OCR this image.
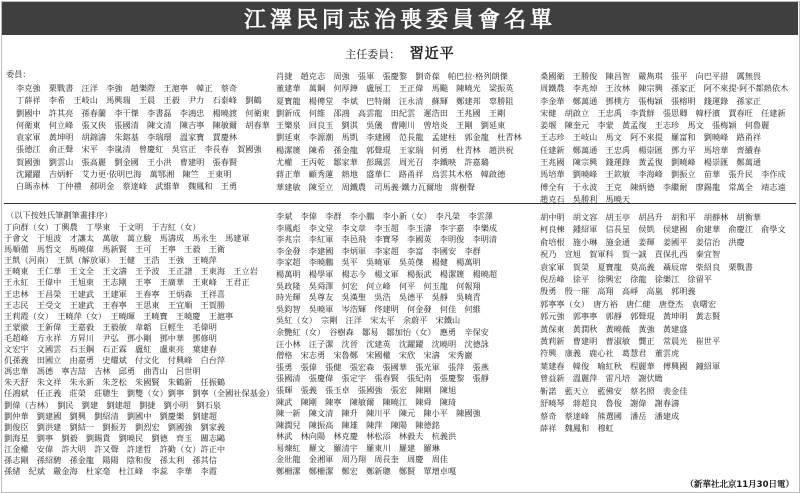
江澤民同志治喪委員會名單
主任委員： 習近平
委員：
李克強　栗戰書　汪洋　李強　趙樂際　王滬寧　韓正　蔡奇
丁薛祥　李希　王岐山　馬興瑞　王晨　王毅　尹力　石泰峰　劉鶴
劉國中　許其亮　孫春蘭　李干傑　李書磊　李鴻忠　楊曉渡　何衛東
何衛東　何立峰　張又俠　張國清　陳文清　陳吉寧　陳敏爾　胡春華
袁家軍　黃坤明　胡錦濤　朱鎔基　李瑞環　溫家寶　賈慶林
張德江　俞正聲　宋平　李嵐清　曾慶紅　吳官正　李長春　賀國強
賀國強　劉雲山　張高麗　劉金國　王小洪　曹建明　張春賢
沈躍躍　吉炳軒　艾力更·依明巴海　萬鄂湘　陳竺　王東明
白瑪赤林　丁仲禮　郝明金　蔡達峰　武維華　魏鳳和　王勇
肖捷　趙克志　周強　張軍　張慶黎　劉奇葆　帕巴拉·格列朗傑
董建華　萬鋼　何厚鏵　盧展工　王正偉　馬飈　陳曉光　梁振英
夏寶龍　楊傳堂　李斌　巴特爾　汪永清　蘇輝　鄭建邦　辜勝阻
劉新成　何維　邵鴻　高雲龍　田紀雲　遲浩田　王兆國　王剛
王樂泉　回良玉　劉淇　吳儀　曹剛川　曾培炎　王剛　劉延東
劉延東　李源潮　馬凱　李建國　范長龍　孟建柱　郭金龍　杜青林
楊潔篪　陳希　孫金龍　郭聲琨　王家瑞　何勇　杜青林　趙洪祝
尤權　王丙乾　鄒家華　彭珮雲　周光召　李鐵映　許嘉璐
蔣正華　顧秀蓮　熱地　盛華仁　路甬祥　烏雲其木格　韓啟德
華建敏　陳至立　周鐵農　司馬義·鐵力瓦爾地　蔣樹聲
桑國衛　王勝俊　陳昌智　嚴雋琪　張平　向巴平措　厲無畏
周鐵農　李兆焯　王汝林　陳宗興　孫家正　阿不來提·阿不都熱依木
李金華　鄭萬通　鄧樸方　張梅穎　張榕明　錢運錄　孫家正
宋健　胡啟立　王忠禹　李貴鮮　張思卿　韓杼濱　賈春旺　任建新
姜堰　陳奎元　李蒙　黃孟復　王志珍　馬文　張梅穎　何魯麗
王志珍　王岐山　馬文　阿不來提　羅富和　劉曉峰　路甬祥
任建新　鄭萬通　王忠禹　楊崇匯　鄧力平　馬培華　齊續春
王兆國　陳宗興　錢運錄　黃孟復　劉曉峰　楊崇匯　鄭萬通
馬培華　劉曉峰　王欽敏　李海峰　劉振立　苗華　張升民　李作成
傅全有　于永波　王克　陳炳德　李繼耐　廖錫龍　常萬全　靖志遠
趙克石　吳勝利　馬曉天
（以下按姓氏筆劃筆畫排序）
丁向群（女）丁興農　丁學東　于文明　于吉紅（女）
于會文　于旭波　才讓太　萬敏　萬立駿　馬濤成　馬永生　馬建軍
馬順備　馬哲文　馬曉偉　馬新賢　王可　王寧　王毅　王衛
王凱（河南）　王凱（解放軍）　王健　王浩　王強　王曉萍
王曉東　王仁華　王文全　王文濤　王予波　王正譜　王東海　王立岩
王永紅　王偉中　王旭東　王志剛　王寧　王廣華　王東峰　王君正
王忠林　王昌榮　王建武　王建軍　王春寧　王炳森　王祥喜
王志民　王受文　王建武　王春寧　王思東　王宜順　王賀勝
王莉霞（女）　王曉萍（女）　王曉暉　王曉寶　王曉慶　王滬寧
王蒙徽　王新偉　王嘉毅　王毅敏　韋韜　巨輕生　毛偉明
毛超峰　方永祥　方昇川　尹弘　鄧小剛　鄧中華　鄧修明
文宏宇　文國雲　石玉鋼　石正霖　盧紅　盧東亮　葉建春
仉孫義　田國立　由嘉勇　史耀斌　付文化　付興峰　白台萍
馮忠華　馮德　寧吉喆　吉林　邱勇　曲青山　呂世明
朱天舒　朱文祥　朱永新　朱芝松　朱國賢　朱鶴新　任振鶴
任鴻斌　任正義　莊榮　莊聰生　劉雙（女）劉寧　劉寧（全國社保基金）
劉偉（吉林）　劉民　劉建　劉建超　劉捷　劉小明　劉石泉
劉仲華　劉建國　劉興　劉紹清　劉國中　劉慶樂　劉建超
劉俊臣　劉洪建　劉結一　劉振芳　劉烈宏　劉國強　劉家義
劉海星　劉寧　劉毅　劉賜貴　劉曉民　劉德　齊玉　關志鷗
江金權　安偉　許大明　許又聲　許達哲　許勤（女）許正中
孫志剛　孫紹騁　孫金龍　陽陽　陰和俊　孫太利　孫其信
孫緒　紀斌　嚴金海　杜家毫　杜江峰　李蕊　李華　李霞
李斌　李偉　李群　李小鵬　李小新（女）　李凡榮　李雲澤
李鳳彪　李文堂　李文章　李玉超　李玉濤　李宇嘉　李樂成
李兆宗　李紅軍　李邑飛　李寶琴　李國英　李明俊　李明清
李金發　李建國　李炳軍　李家超　李富　李國安　李群
李家超　李曉鵬　吳平　吳曉軍　吳英傑　楊健　楊萬明
楊萬明　楊學軍　楊志今　楊文軍　楊振武　楊潔篪　楊曉超
吳政隆　吳舜澤　何宏　何立峰　何平　何玉龍　何報翔
時光輝　吳尊友　吳漢聖　吳浩　吳德平　吳靜　吳曉青
吳鈞智　吳曉軍　岑浩輝　佟建明　何金發　何佳　何維
吳紅（女）　宗剛　汪洋　宋太平　余蔚平　宋鐵山
余艷紅（女）　谷樹森　鄒易　鄒加怡（女）　應勇　辛保安
汪小林　汪子潔　沈晉　沈建英　沈躍躍　沈曉明　沈德詠
僧格　宋志勇　宋魯鄭　宋國權　宋欣　宋濤　宋秀巖
張勇　張偉　張健　張宏森　張國華　張光軍　張萍　張燕
張國清　張慶偉　張定宇　張春賢　張紀南　張慶黎　張靜
張輝　張義　張玉卓　張國強　張宏　陳剛　陳旭
陳武　陳剛　陳寧　陳敏爾　陳曉江　陳舜　陳琦
陳一新　陳文清　陳升　陳川平　陳元　陳小平　陳國強
陳潤兒　陳振高　陳雄　陳萍　陳陽　陳德銘
林武　林向陽　林克慶　林松添　林毅夫　杭義洪
易煉紅　羅文　羅清宇　羅東川　羅建　羅琳
金壯龍　金湘軍　周乃翔　周長奎　周慶　周佳
鄭柵潔　鄭柵潔　鄭宏　鄭新聰　鄭賢　單增卓嘎
胡中明　胡文容　胡玉亭　胡昌升　胡和平　胡靜林　胡衡華
柯良棟　鍾紹軍　信長星　侯凱　侯建國　俞建華　俞慶江　俞學文
俞培根　施小琳　施金通　姜輝　姜國平　姜信治　洪慶
祝乃　宣旭　賀軍科　賀一誠　貢保扎西　秦宜智
袁家軍　賀榮　夏寶龍　莫高義　聶辰席　柴紹良　栗戰書
倪岳峰　徐平　徐興宏　徐龍　徐樂江　徐留平
殷勇　殷一璀　高翔　高崢　高嵐　郭明義
郭寧寧（女）　唐方裕　唐仁健　唐登杰　袁曙宏
郭元強　郭寧寧　郭靜　郭聲琨　黃坤明　黃志賢
黃保東　黃潤秋　黃曉薇　黃強　黃建盛
黃莉新　曹建明　曹淑敏　龔正　常晨光　崔世平
符興　康義　鹿心社　葛慧君　董雲虎
葉建春　韓俊　喻紅秋　程麗華　傅興國　鐘紹軍
曾益新　溫麗萍　雷凡培　謝伏瞻
靳諾　藍天立　藍佛安　蔡名照　裴金佳
舒曉琴　蔣超良　魯俊　謝偉　謝春濤
蔡奇　蔡達峰　熊選國　潘岳　潘建成
薛祥　魏鳳和　穆虹
（新華社北京11月30日電）
